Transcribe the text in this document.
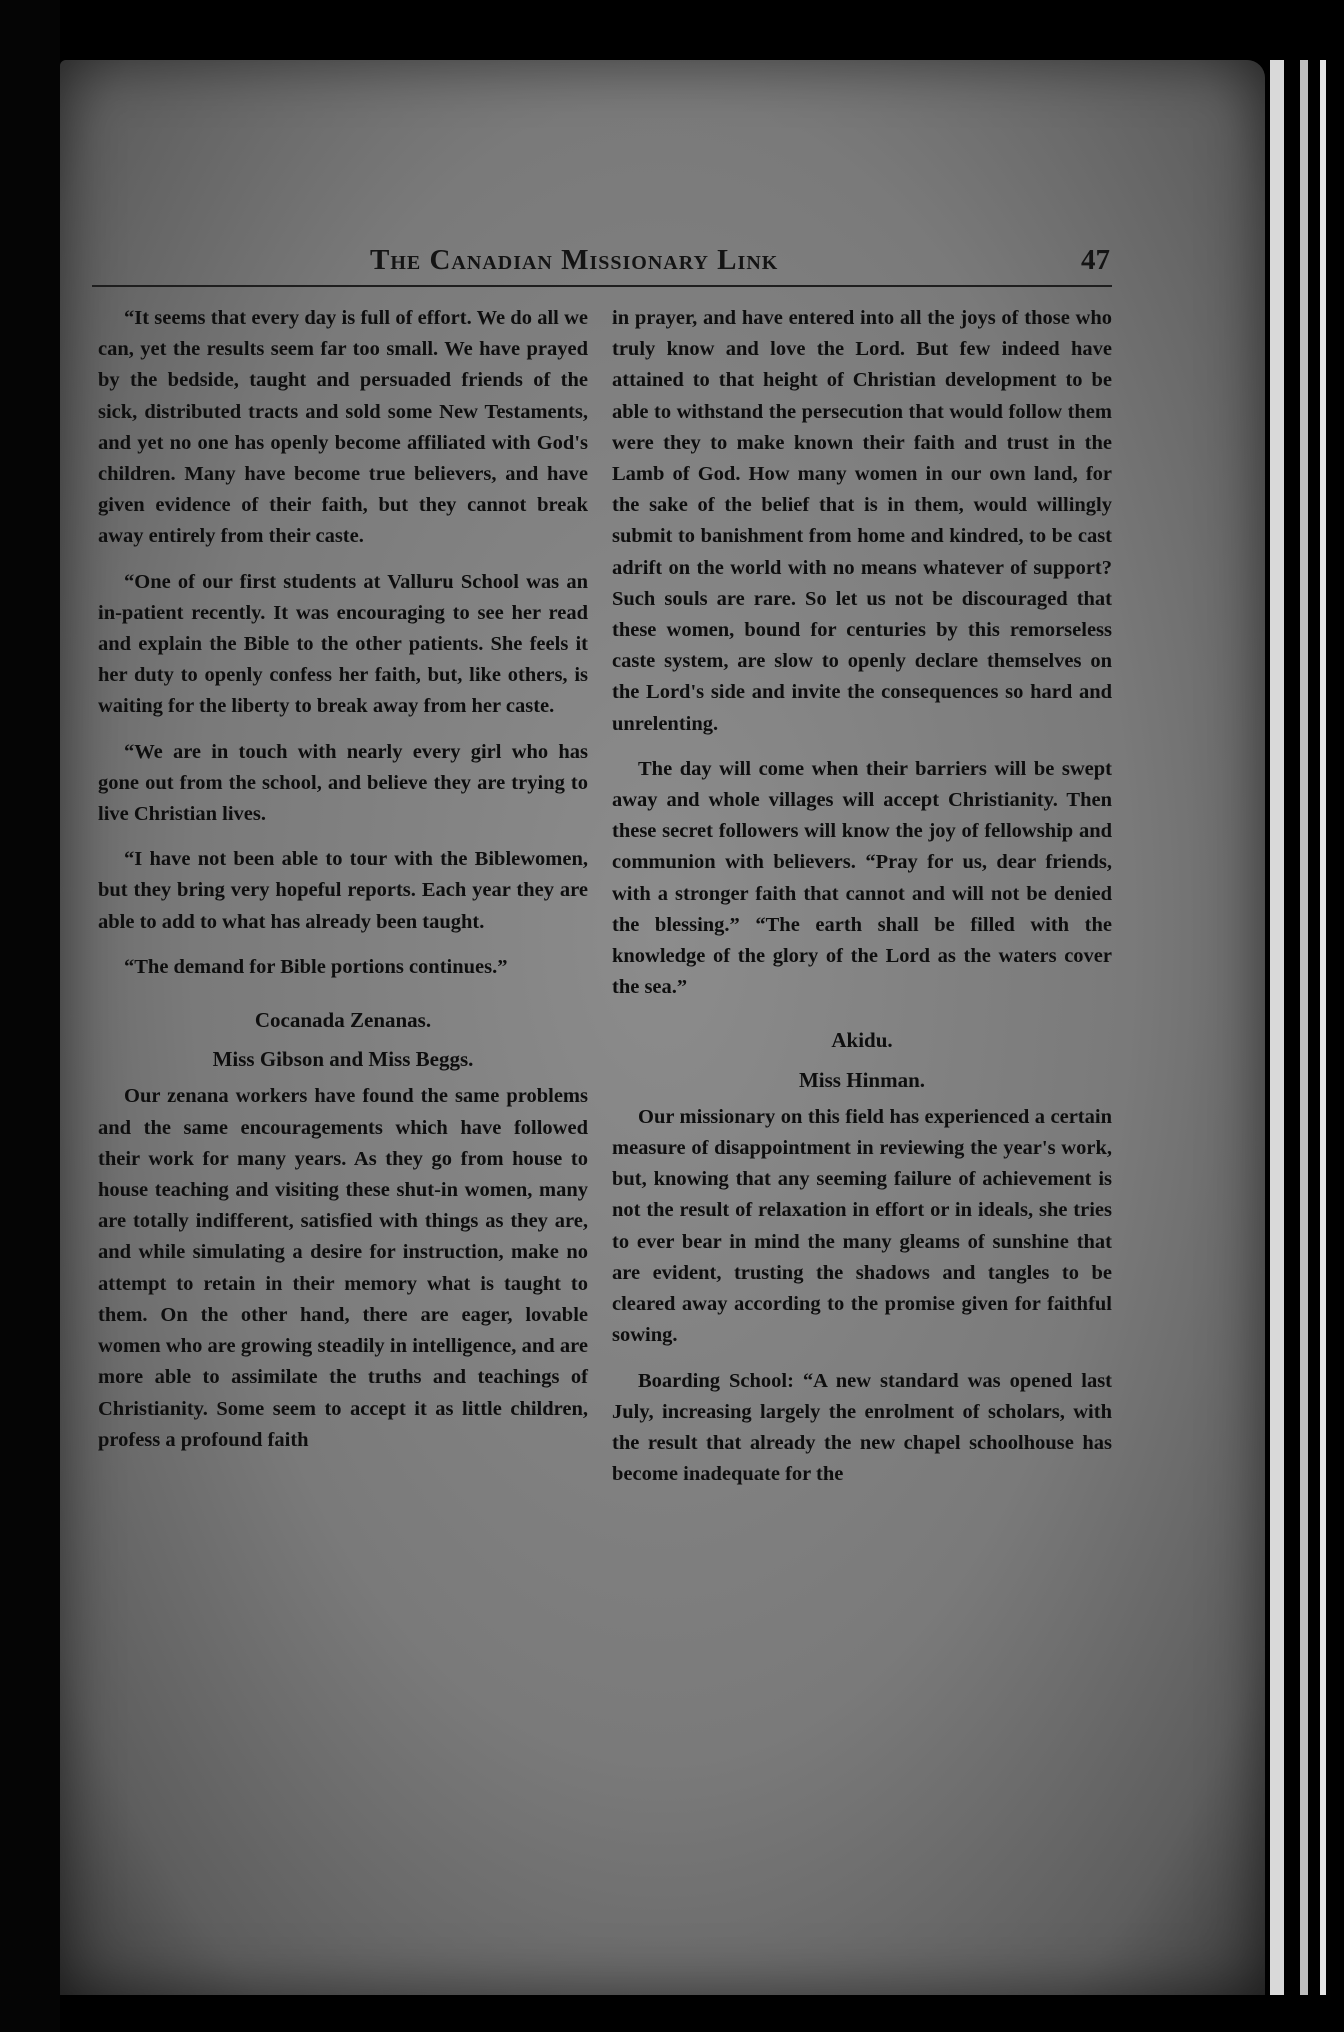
The Canadian Missionary Link	47

“It seems that every day is full of effort. We do all we can, yet the results seem far too small. We have prayed by the bedside, taught and persuaded friends of the sick, distributed tracts and sold some New Testaments, and yet no one has openly become affiliated with God's children. Many have become true believers, and have given evidence of their faith, but they cannot break away entirely from their caste.

“One of our first students at Valluru School was an in-patient recently. It was encouraging to see her read and explain the Bible to the other patients. She feels it her duty to openly confess her faith, but, like others, is waiting for the liberty to break away from her caste.

“We are in touch with nearly every girl who has gone out from the school, and believe they are trying to live Christian lives.

“I have not been able to tour with the Biblewomen, but they bring very hopeful reports. Each year they are able to add to what has already been taught.

“The demand for Bible portions continues.”

Cocanada Zenanas.
Miss Gibson and Miss Beggs.

Our zenana workers have found the same problems and the same encouragements which have followed their work for many years. As they go from house to house teaching and visiting these shut-in women, many are totally indifferent, satisfied with things as they are, and while simulating a desire for instruction, make no attempt to retain in their memory what is taught to them. On the other hand, there are eager, lovable women who are growing steadily in intelligence, and are more able to assimilate the truths and teachings of Christianity. Some seem to accept it as little children, profess a profound faith

in prayer, and have entered into all the joys of those who truly know and love the Lord. But few indeed have attained to that height of Christian development to be able to withstand the persecution that would follow them were they to make known their faith and trust in the Lamb of God. How many women in our own land, for the sake of the belief that is in them, would willingly submit to banishment from home and kindred, to be cast adrift on the world with no means whatever of support? Such souls are rare. So let us not be discouraged that these women, bound for centuries by this remorseless caste system, are slow to openly declare themselves on the Lord's side and invite the consequences so hard and unrelenting.

The day will come when their barriers will be swept away and whole villages will accept Christianity. Then these secret followers will know the joy of fellowship and communion with believers. “Pray for us, dear friends, with a stronger faith that cannot and will not be denied the blessing.” “The earth shall be filled with the knowledge of the glory of the Lord as the waters cover the sea.”

Akidu.
Miss Hinman.

Our missionary on this field has experienced a certain measure of disappointment in reviewing the year's work, but, knowing that any seeming failure of achievement is not the result of relaxation in effort or in ideals, she tries to ever bear in mind the many gleams of sunshine that are evident, trusting the shadows and tangles to be cleared away according to the promise given for faithful sowing.

Boarding School: “A new standard was opened last July, increasing largely the enrolment of scholars, with the result that already the new chapel schoolhouse has become inadequate for the
